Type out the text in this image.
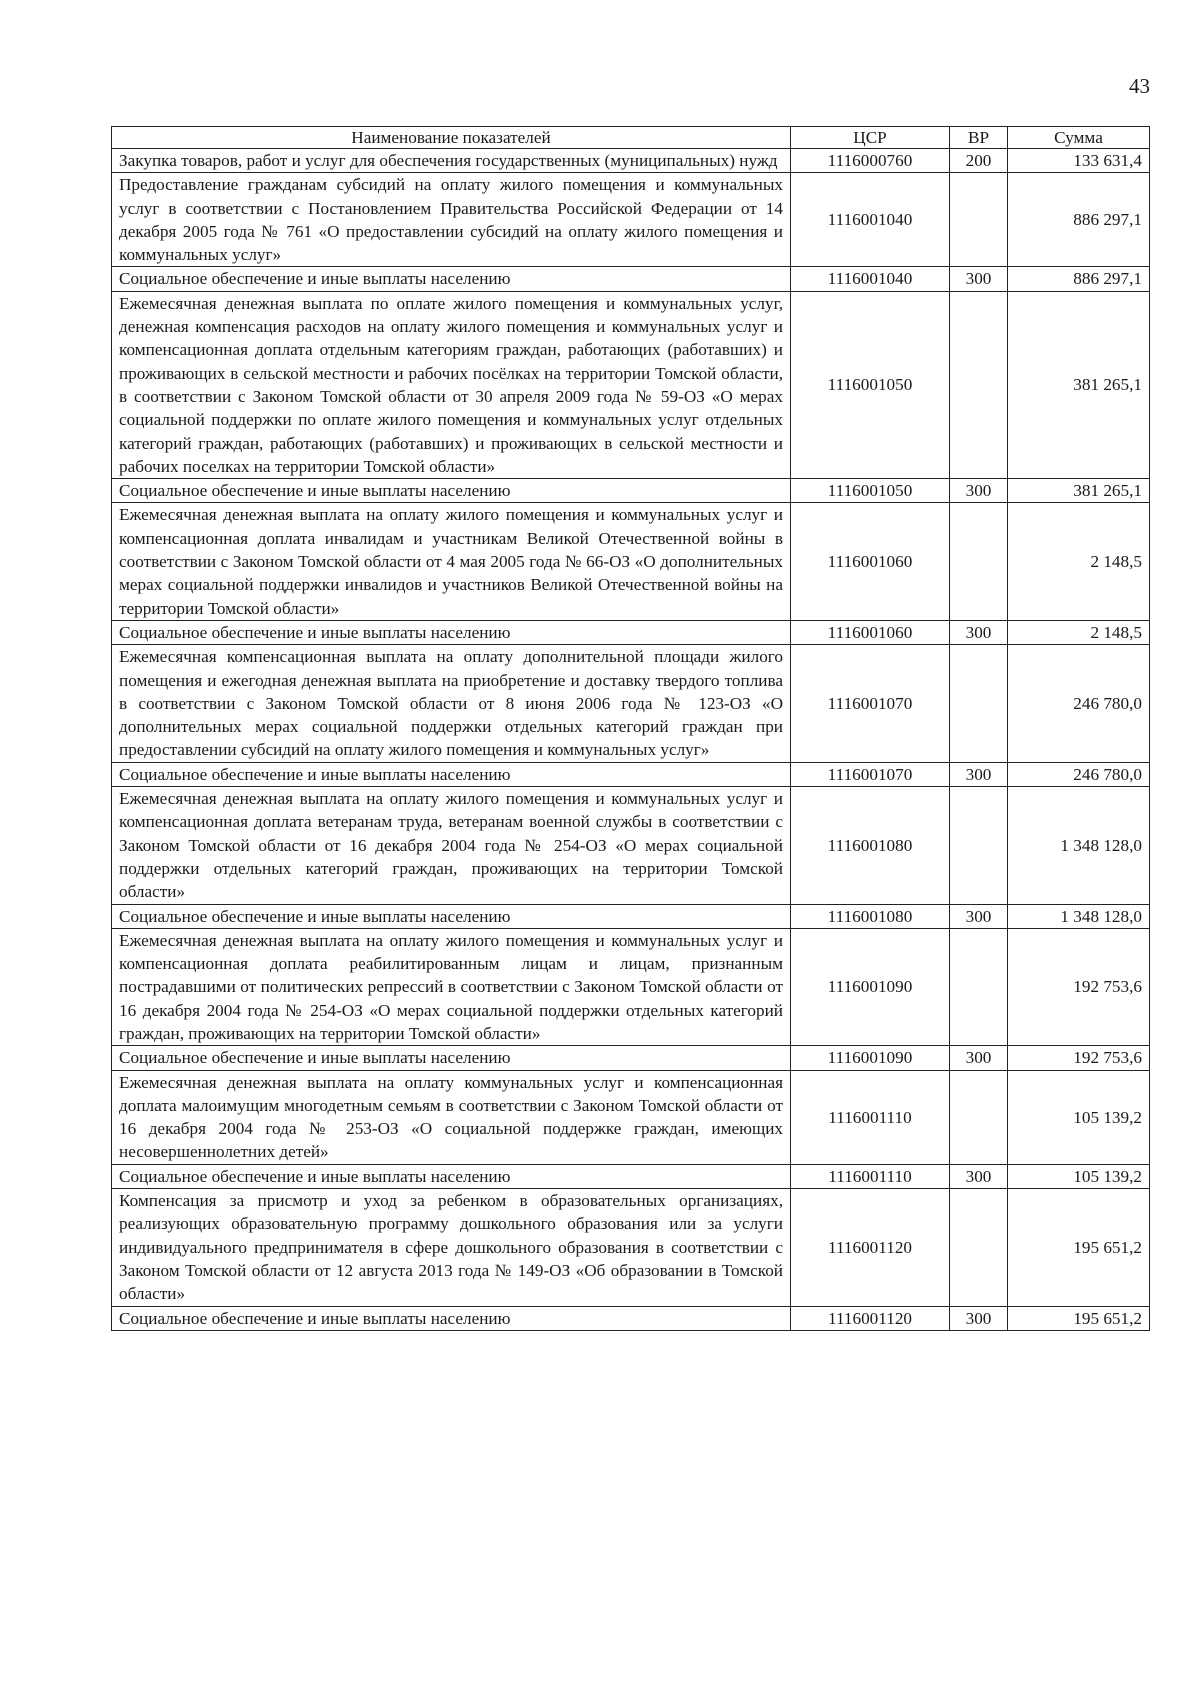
43
Наименование показателей	ЦСР	ВР	Сумма
Закупка товаров, работ и услуг для обеспечения государственных (муниципальных) нужд	1116000760	200	133 631,4
Предоставление гражданам субсидий на оплату жилого помещения и коммунальных услуг в соответствии с Постановлением Правительства Российской Федерации от 14 декабря 2005 года № 761 «О предоставлении субсидий на оплату жилого помещения и коммунальных услуг»	1116001040		886 297,1
Социальное обеспечение и иные выплаты населению	1116001040	300	886 297,1
Ежемесячная денежная выплата по оплате жилого помещения и коммунальных услуг, денежная компенсация расходов на оплату жилого помещения и коммунальных услуг и компенсационная доплата отдельным категориям граждан, работающих (работавших) и проживающих в сельской местности и рабочих посёлках на территории Томской области, в соответствии с Законом Томской области от 30 апреля 2009 года № 59-ОЗ «О мерах социальной поддержки по оплате жилого помещения и коммунальных услуг отдельных категорий граждан, работающих (работавших) и проживающих в сельской местности и рабочих поселках на территории Томской области»	1116001050		381 265,1
Социальное обеспечение и иные выплаты населению	1116001050	300	381 265,1
Ежемесячная денежная выплата на оплату жилого помещения и коммунальных услуг и компенсационная доплата инвалидам и участникам Великой Отечественной войны в соответствии с Законом Томской области от 4 мая 2005 года № 66-ОЗ «О дополнительных мерах социальной поддержки инвалидов и участников Великой Отечественной войны на территории Томской области»	1116001060		2 148,5
Социальное обеспечение и иные выплаты населению	1116001060	300	2 148,5
Ежемесячная компенсационная выплата на оплату дополнительной площади жилого помещения и ежегодная денежная выплата на приобретение и доставку твердого топлива в соответствии с Законом Томской области от 8 июня 2006 года № 123-ОЗ «О дополнительных мерах социальной поддержки отдельных категорий граждан при предоставлении субсидий на оплату жилого помещения и коммунальных услуг»	1116001070		246 780,0
Социальное обеспечение и иные выплаты населению	1116001070	300	246 780,0
Ежемесячная денежная выплата на оплату жилого помещения и коммунальных услуг и компенсационная доплата ветеранам труда, ветеранам военной службы в соответствии с Законом Томской области от 16 декабря 2004 года № 254-ОЗ «О мерах социальной поддержки отдельных категорий граждан, проживающих на территории Томской области»	1116001080		1 348 128,0
Социальное обеспечение и иные выплаты населению	1116001080	300	1 348 128,0
Ежемесячная денежная выплата на оплату жилого помещения и коммунальных услуг и компенсационная доплата реабилитированным лицам и лицам, признанным пострадавшими от политических репрессий в соответствии с Законом Томской области от 16 декабря 2004 года № 254-ОЗ «О мерах социальной поддержки отдельных категорий граждан, проживающих на территории Томской области»	1116001090		192 753,6
Социальное обеспечение и иные выплаты населению	1116001090	300	192 753,6
Ежемесячная денежная выплата на оплату коммунальных услуг и компенсационная доплата малоимущим многодетным семьям в соответствии с Законом Томской области от 16 декабря 2004 года № 253-ОЗ «О социальной поддержке граждан, имеющих несовершеннолетних детей»	1116001110		105 139,2
Социальное обеспечение и иные выплаты населению	1116001110	300	105 139,2
Компенсация за присмотр и уход за ребенком в образовательных организациях, реализующих образовательную программу дошкольного образования или за услуги индивидуального предпринимателя в сфере дошкольного образования в соответствии с Законом Томской области от 12 августа 2013 года № 149-ОЗ «Об образовании в Томской области»	1116001120		195 651,2
Социальное обеспечение и иные выплаты населению	1116001120	300	195 651,2
